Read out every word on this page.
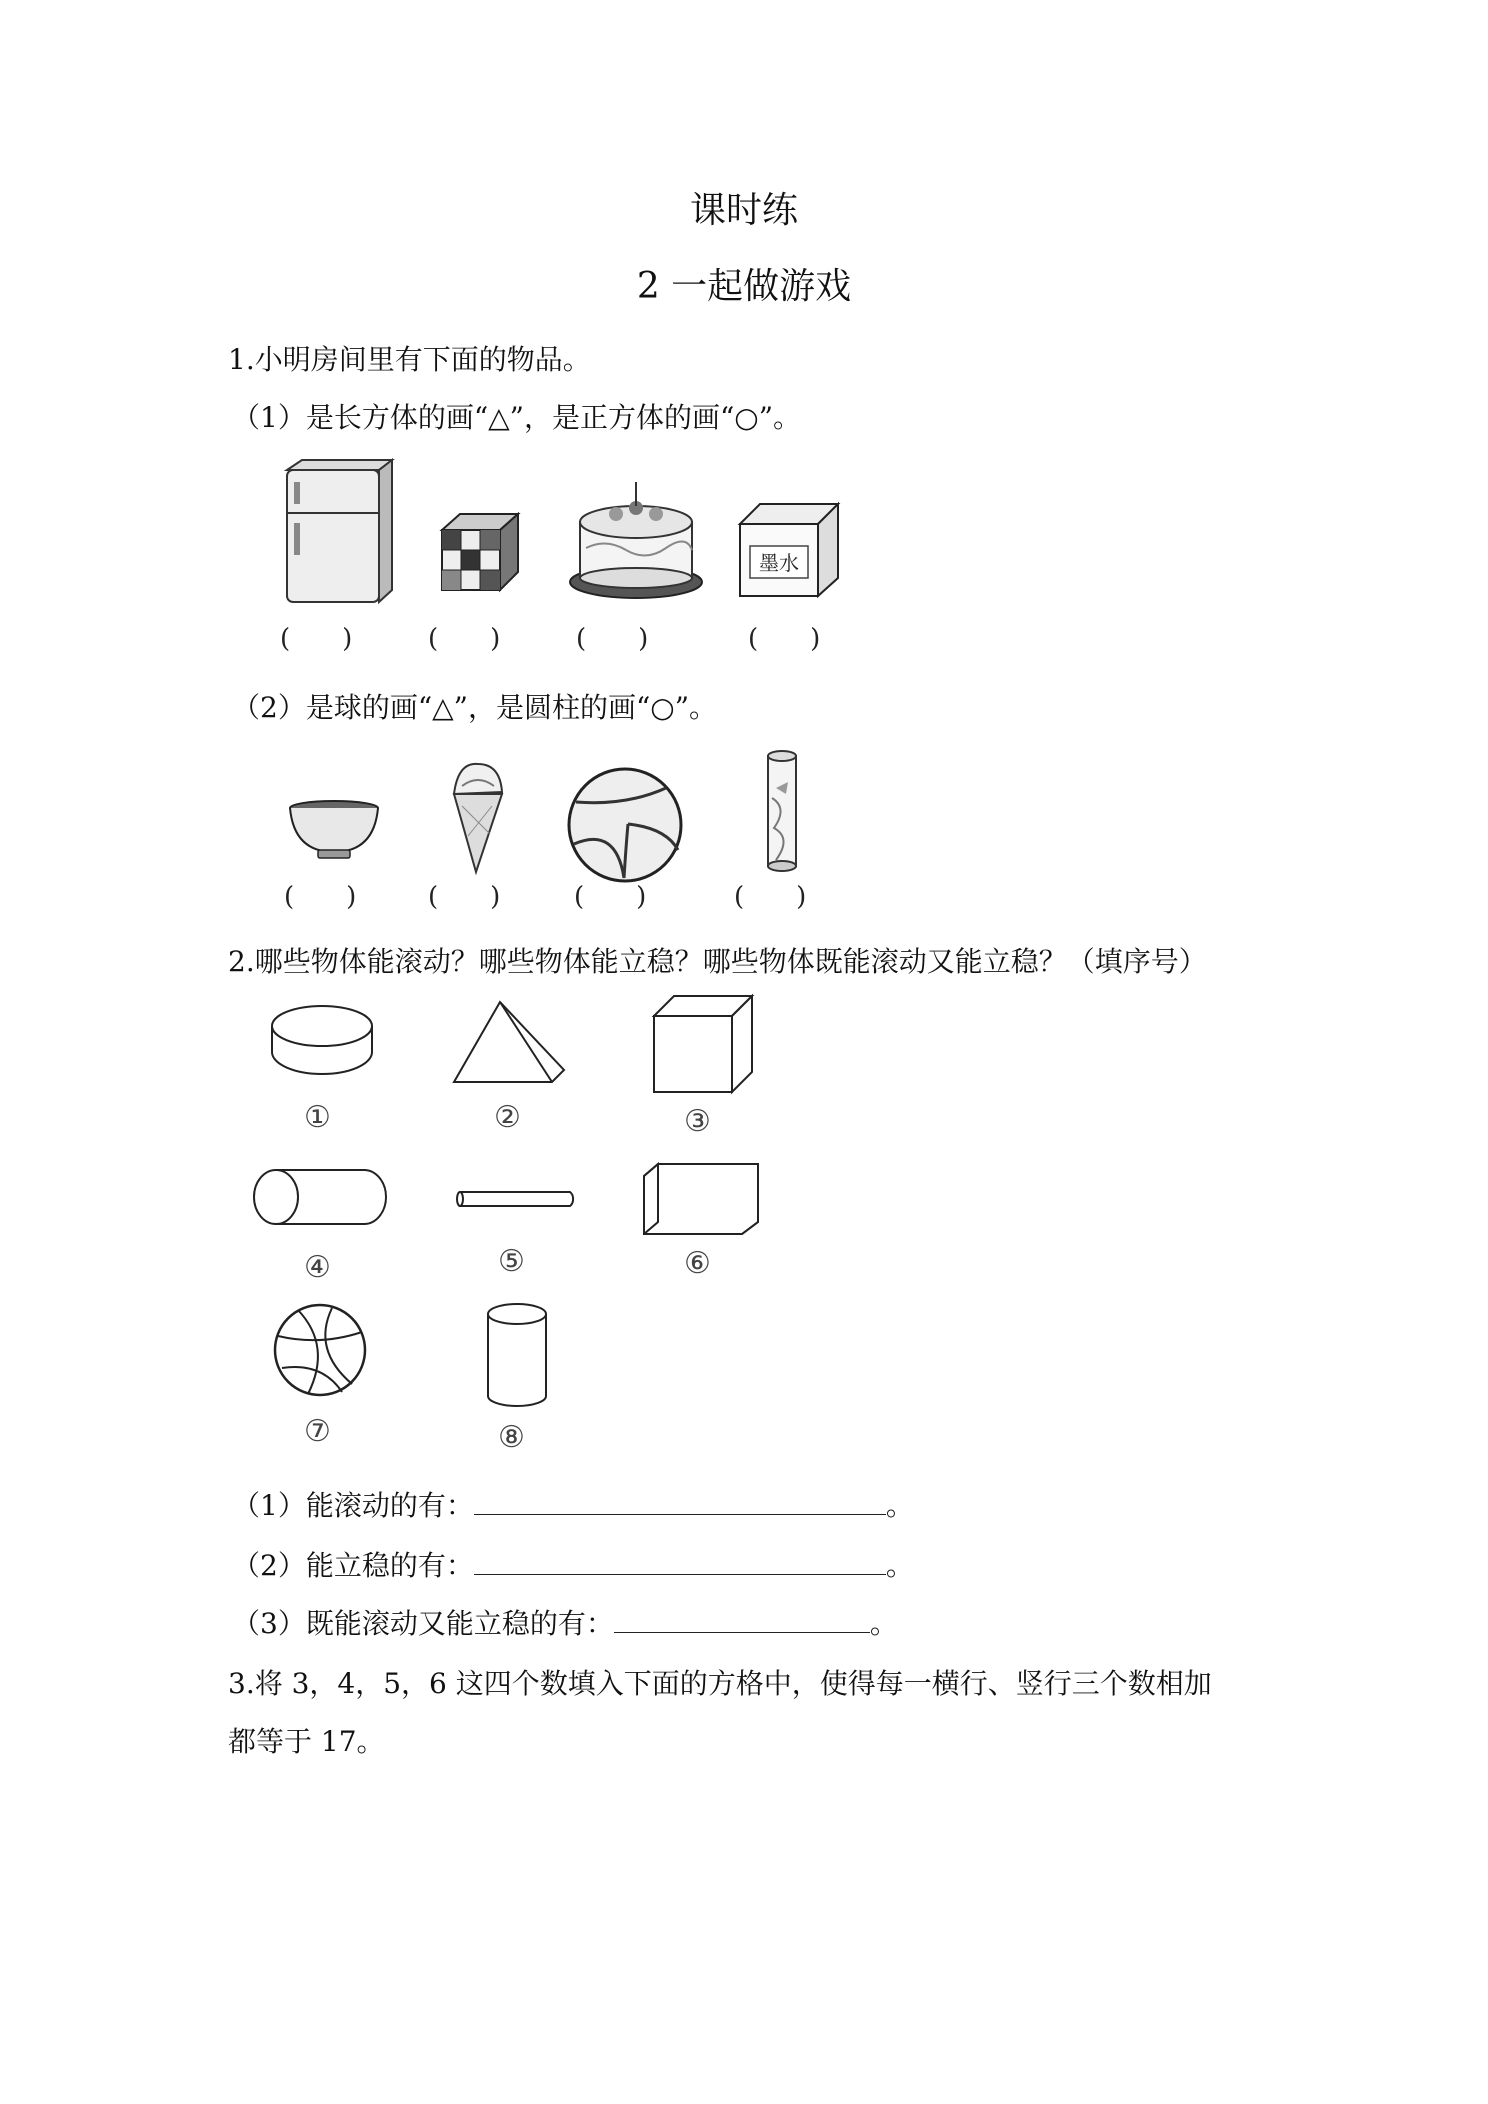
课时练
2 一起做游戏
1.小明房间里有下面的物品。
（1）是长方体的画“△”，是正方体的画“○”。
(　　)	(　　)	(　　)
墨水
(　　)
（2）是球的画“△”，是圆柱的画“○”。
(　　)	(　　)	(　　)	(　　)
2.哪些物体能滚动？哪些物体能立稳？哪些物体既能滚动又能立稳？（填序号）
①	②	③
④	⑤	⑥
⑦	⑧
（1）能滚动的有：	。
（2）能立稳的有：	。
（3）既能滚动又能立稳的有：	。
3.将 3，4，5，6 这四个数填入下面的方格中，使得每一横行、竖行三个数相加
都等于 17。
